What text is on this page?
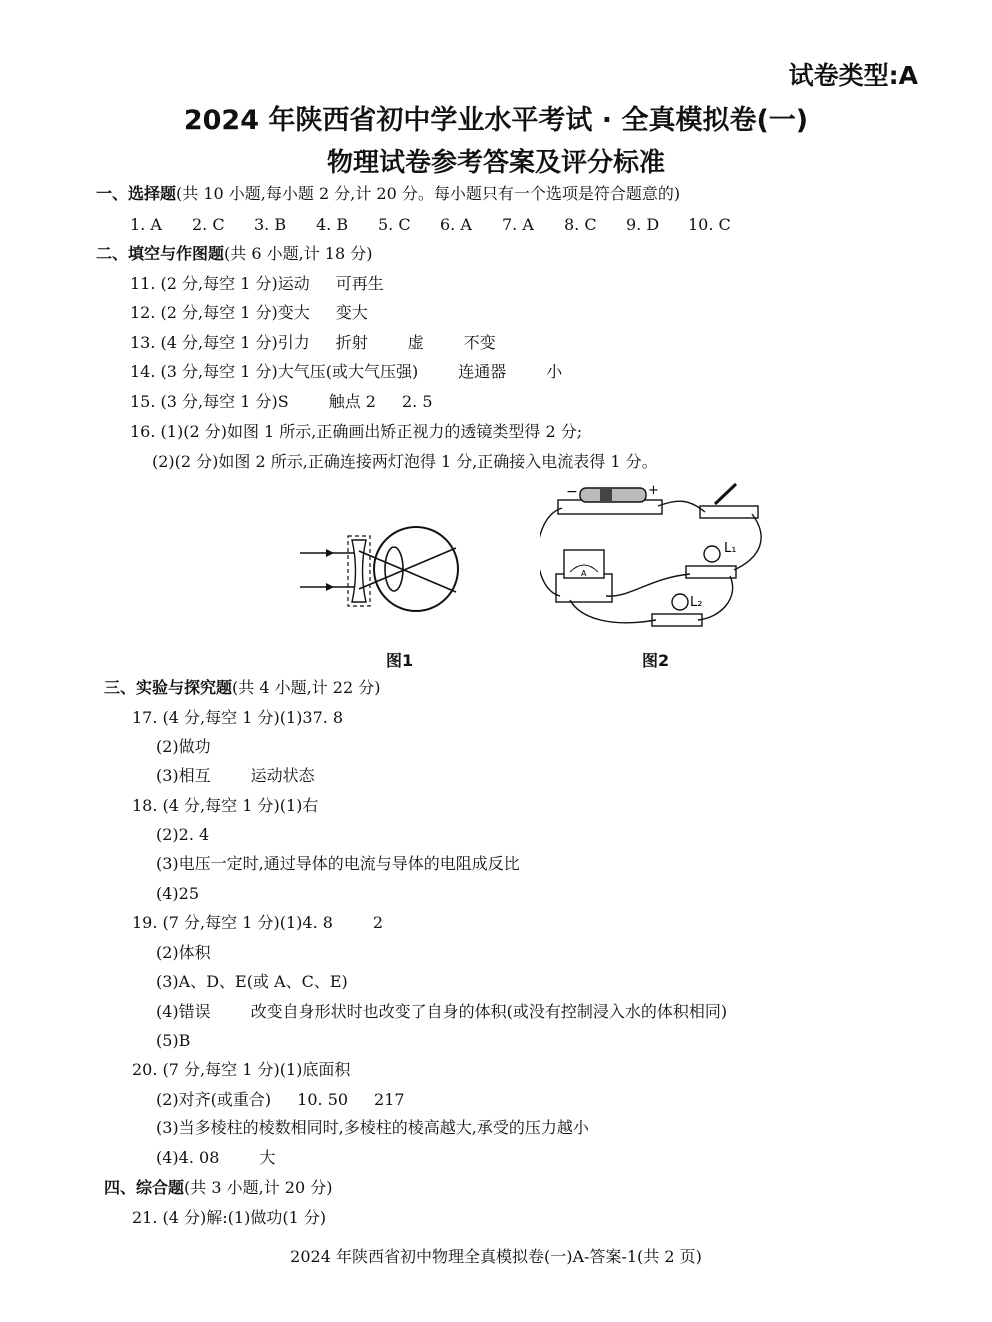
试卷类型:A
2024 年陕西省初中学业水平考试 · 全真模拟卷(一)
物理试卷参考答案及评分标准
一、选择题(共 10 小题,每小题 2 分,计 20 分。每小题只有一个选项是符合题意的)
1. A 2. C 3. B 4. B 5. C 6. A 7. A 8. C 9. D 10. C
二、填空与作图题(共 6 小题,计 18 分)
11. (2 分,每空 1 分)运动 可再生
12. (2 分,每空 1 分)变大 变大
13. (4 分,每空 1 分)引力 折射	虚	不变
14. (3 分,每空 1 分)大气压(或大气压强)	连通器	小
15. (3 分,每空 1 分)S	触点 2 2. 5
16. (1)(2 分)如图 1 所示,正确画出矫正视力的透镜类型得 2 分;
(2)(2 分)如图 2 所示,正确连接两灯泡得 1 分,正确接入电流表得 1 分。
图1
−	+
A
L₁
L₂
图2
三、实验与探究题(共 4 小题,计 22 分)
17. (4 分,每空 1 分)(1)37. 8
(2)做功
(3)相互	运动状态
18. (4 分,每空 1 分)(1)右
(2)2. 4
(3)电压一定时,通过导体的电流与导体的电阻成反比
(4)25
19. (7 分,每空 1 分)(1)4. 8	2
(2)体积
(3)A、D、E(或 A、C、E)
(4)错误	改变自身形状时也改变了自身的体积(或没有控制浸入水的体积相同)
(5)B
20. (7 分,每空 1 分)(1)底面积
(2)对齐(或重合) 10. 50 217
(3)当多棱柱的棱数相同时,多棱柱的棱高越大,承受的压力越小
(4)4. 08	大
四、综合题(共 3 小题,计 20 分)
21. (4 分)解:(1)做功(1 分)
2024 年陕西省初中物理全真模拟卷(一)A-答案-1(共 2 页)
